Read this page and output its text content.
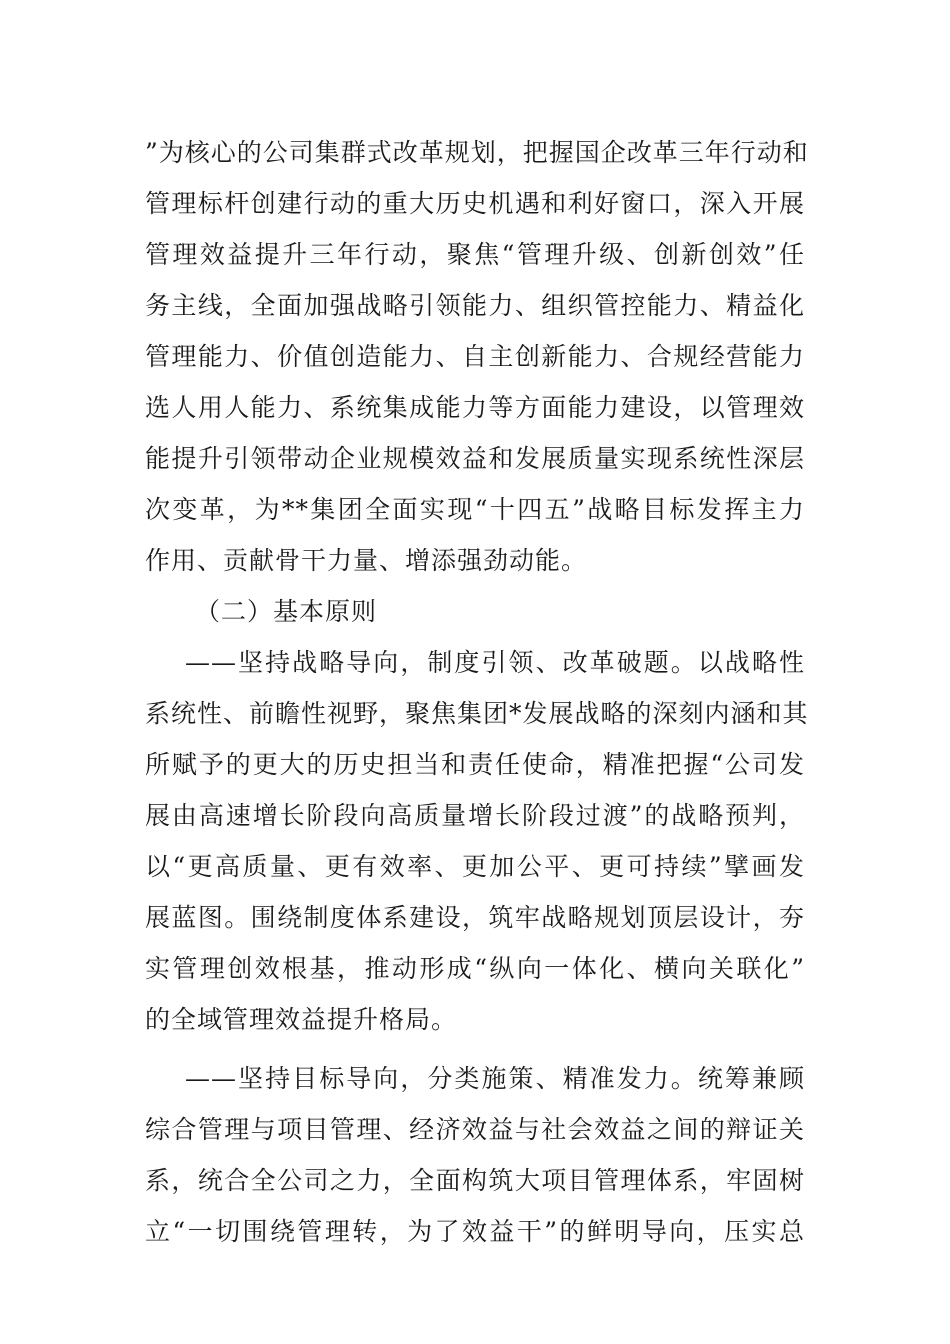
”为核心的公司集群式改革规划，把握国企改革三年行动和
管理标杆创建行动的重大历史机遇和利好窗口，深入开展
管理效益提升三年行动，聚焦“管理升级、创新创效”任
务主线，全面加强战略引领能力、组织管控能力、精益化
管理能力、价值创造能力、自主创新能力、合规经营能力
选人用人能力、系统集成能力等方面能力建设，以管理效
能提升引领带动企业规模效益和发展质量实现系统性深层
次变革，为**集团全面实现“十四五”战略目标发挥主力
作用、贡献骨干力量、增添强劲动能。
（二）基本原则
——坚持战略导向，制度引领、改革破题。以战略性
系统性、前瞻性视野，聚焦集团*发展战略的深刻内涵和其
所赋予的更大的历史担当和责任使命，精准把握“公司发
展由高速增长阶段向高质量增长阶段过渡”的战略预判，
以“更高质量、更有效率、更加公平、更可持续”擘画发
展蓝图。围绕制度体系建设，筑牢战略规划顶层设计，夯
实管理创效根基，推动形成“纵向一体化、横向关联化”
的全域管理效益提升格局。
——坚持目标导向，分类施策、精准发力。统筹兼顾
综合管理与项目管理、经济效益与社会效益之间的辩证关
系，统合全公司之力，全面构筑大项目管理体系，牢固树
立“一切围绕管理转，为了效益干”的鲜明导向，压实总
